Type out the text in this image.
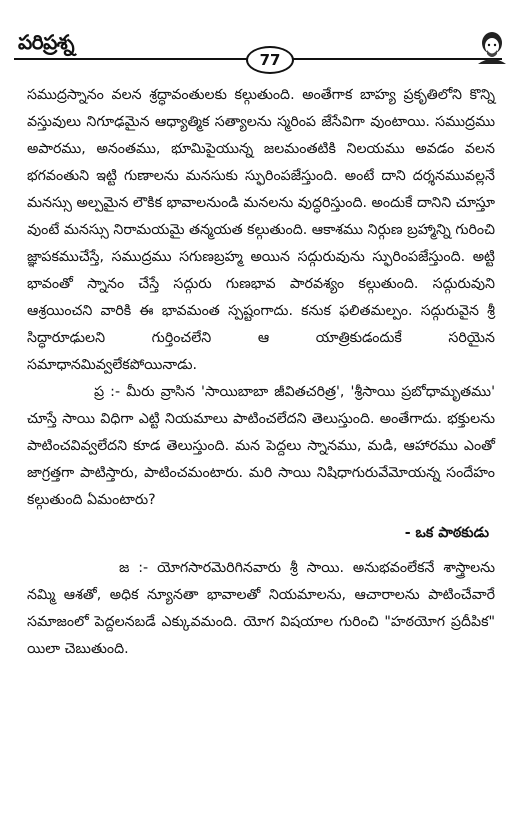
పరిప్రశ్న
77

సముద్రస్నానం వలన శ్రద్ధావంతులకు కల్గుతుంది. అంతేగాక బాహ్య ప్రకృతిలోని కొన్ని వస్తువులు నిగూఢమైన ఆధ్యాత్మిక సత్యాలను స్మరింప జేసేవిగా వుంటాయి. సముద్రము అపారము, అనంతము, భూమిపైయున్న జలమంతటికి నిలయము అవడం వలన భగవంతుని ఇట్టి గుణాలను మనసుకు స్ఫురింపజేస్తుంది. అంటే దాని దర్శనమువల్లనే మనస్సు అల్పమైన లౌకిక భావాలనుండి మనలను వుద్ధరిస్తుంది. అందుకే దానిని చూస్తూ వుంటే మనస్సు నిరామయమై తన్మయత కల్గుతుంది. ఆకాశము నిర్గుణ బ్రహ్మాన్ని గురించి జ్ఞాపకముచేస్తే, సముద్రము సగుణబ్రహ్మ అయిన సద్గురువును స్ఫురింపజేస్తుంది. అట్టి భావంతో స్నానం చేస్తే సద్గురు గుణభావ పారవశ్యం కల్గుతుంది. సద్గురువుని ఆశ్రయించని వారికి ఈ భావమంత స్పష్టంగాదు. కనుక ఫలితమల్పం. సద్గురువైన శ్రీ సిద్ధారూఢులని గుర్తించలేని ఆ యాత్రికుడందుకే సరియైన సమాధానమివ్వలేకపోయినాడు.

ప్ర :- మీరు వ్రాసిన 'సాయిబాబా జీవితచరిత్ర', 'శ్రీసాయి ప్రబోధామృతము' చూస్తే సాయి విధిగా ఎట్టి నియమాలు పాటించలేదని తెలుస్తుంది. అంతేగాదు. భక్తులను పాటించవివ్వలేదని కూడ తెలుస్తుంది. మన పెద్దలు స్నానము, మడి, ఆహారము ఎంతో జాగ్రత్తగా పాటిస్తారు, పాటించమంటారు. మరి సాయి నిషిధాగురువేమోయన్న సందేహం కల్గుతుంది ఏమంటారు?

- ఒక పాఠకుడు

జ :- యోగసారమెరిగినవారు శ్రీ సాయి. అనుభవంలేకనే శాస్త్రాలను నమ్మి ఆశతో, అధిక న్యూనతా భావాలతో నియమాలను, ఆచారాలను పాటించేవారే సమాజంలో పెద్దలనబడే ఎక్కువమంది. యోగ విషయాల గురించి "హఠయోగ ప్రదీపిక" యిలా చెబుతుంది.
